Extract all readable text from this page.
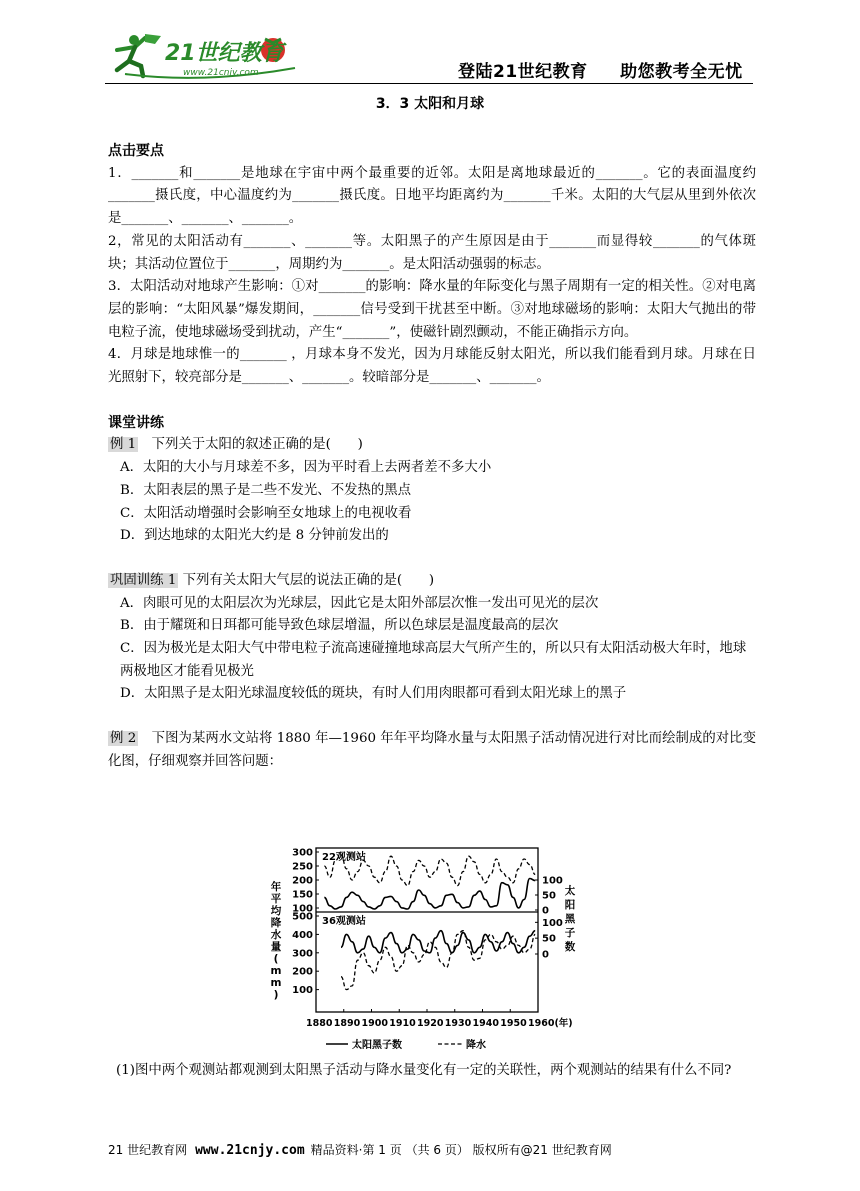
21世纪教育
www.21cnjy.com	登陆21世纪教育 助您教考全无忧
3．3 太阳和月球
点击要点

1．_______和_______是地球在宇宙中两个最重要的近邻。太阳是离地球最近的_______。它的表面温度约_______摄氏度，中心温度约为_______摄氏度。日地平均距离约为_______千米。太阳的大气层从里到外依次是_______、_______、_______。

2，常见的太阳活动有_______、_______等。太阳黑子的产生原因是由于_______而显得较_______的气体斑块；其活动位置位于_______，周期约为_______。是太阳活动强弱的标志。

3．太阳活动对地球产生影响：①对_______的影响：降水量的年际变化与黑子周期有一定的相关性。②对电离层的影响：“太阳风暴”爆发期间，_______信号受到干扰甚至中断。③对地球磁场的影响：太阳大气抛出的带电粒子流，使地球磁场受到扰动，产生“_______”，使磁针剧烈颤动，不能正确指示方向。

4．月球是地球惟一的_______ ，月球本身不发光，因为月球能反射太阳光，所以我们能看到月球。月球在日光照射下，较亮部分是_______、_______。较暗部分是_______、_______。

课堂讲练

例 1　下列关于太阳的叙述正确的是(　　)

A．太阳的大小与月球差不多，因为平时看上去两者差不多大小

B．太阳表层的黑子是二些不发光、不发热的黑点

C．太阳活动增强时会影响至女地球上的电视收看

D．到达地球的太阳光大约是 8 分钟前发出的

巩固训练 1 下列有关太阳大气层的说法正确的是(　　)

A．肉眼可见的太阳层次为光球层，因此它是太阳外部层次惟一发出可见光的层次

B．由于耀斑和日珥都可能导致色球层增温，所以色球层是温度最高的层次

C．因为极光是太阳大气中带电粒子流高速碰撞地球高层大气所产生的，所以只有太阳活动极大年时，地球两极地区才能看见极光

D．太阳黑子是太阳光球温度较低的斑块，有时人们用肉眼都可看到太阳光球上的黑子

例 2　下图为某两水文站将 1880 年—1960 年年平均降水量与太阳黑子活动情况进行对比而绘制成的对比变化图，仔细观察并回答问题：

22观测站
300
250
200
150
100
100
50
0
36观测站
500
400
300
200
100
100
50
0
1880 1890 1900 1910 1920 1930 1940 1950 1960(年)
年
平
均
降
水
量
(
m
m
)
太
阳
黑
子
数
太阳黑子数	降水

(1)图中两个观测站都观测到太阳黑子活动与降水量变化有一定的关联性，两个观测站的结果有什么不同?

21 世纪教育网 www.21cnjy.com 精品资料·第 1 页 （共 6 页） 版权所有@21 世纪教育网
